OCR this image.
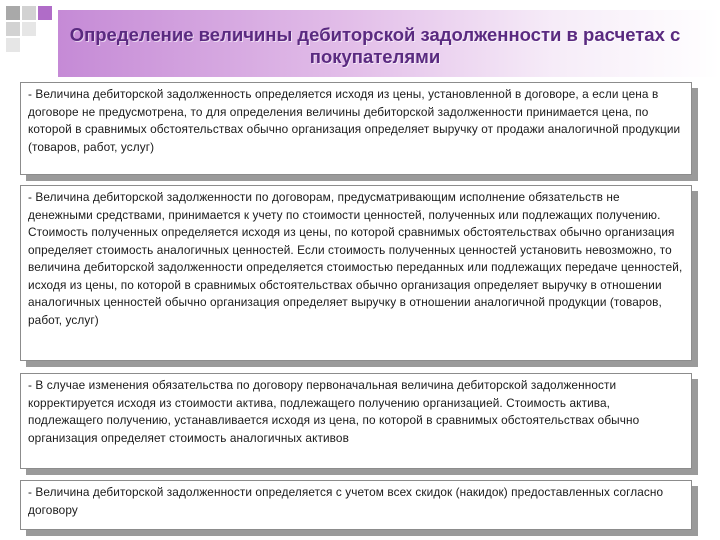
Определение величины дебиторской задолженности в расчетах с покупателями
- Величина дебиторской задолженность определяется исходя из цены, установленной в договоре, а если цена в договоре не предусмотрена, то для определения величины дебиторской задолженности принимается цена, по которой в сравнимых обстоятельствах обычно организация определяет выручку от продажи аналогичной продукции (товаров, работ, услуг)
- Величина дебиторской задолженности по договорам, предусматривающим исполнение обязательств не денежными средствами, принимается к учету по стоимости ценностей, полученных или подлежащих получению. Стоимость полученных определяется исходя из цены, по которой сравнимых обстоятельствах обычно организация определяет стоимость аналогичных ценностей. Если стоимость полученных ценностей установить невозможно, то величина дебиторской задолженности определяется стоимостью переданных или подлежащих передаче ценностей, исходя из цены, по которой в сравнимых обстоятельствах обычно организация определяет выручку в отношении аналогичных ценностей обычно организация определяет выручку в отношении аналогичной продукции (товаров, работ, услуг)
- В случае изменения обязательства по договору первоначальная величина дебиторской задолженности корректируется исходя из стоимости актива, подлежащего получению организацией. Стоимость актива, подлежащего получению, устанавливается исходя из цена, по которой в сравнимых обстоятельствах обычно организация определяет стоимость аналогичных активов
- Величина дебиторской задолженности определяется с учетом всех скидок (накидок) предоставленных согласно договору
